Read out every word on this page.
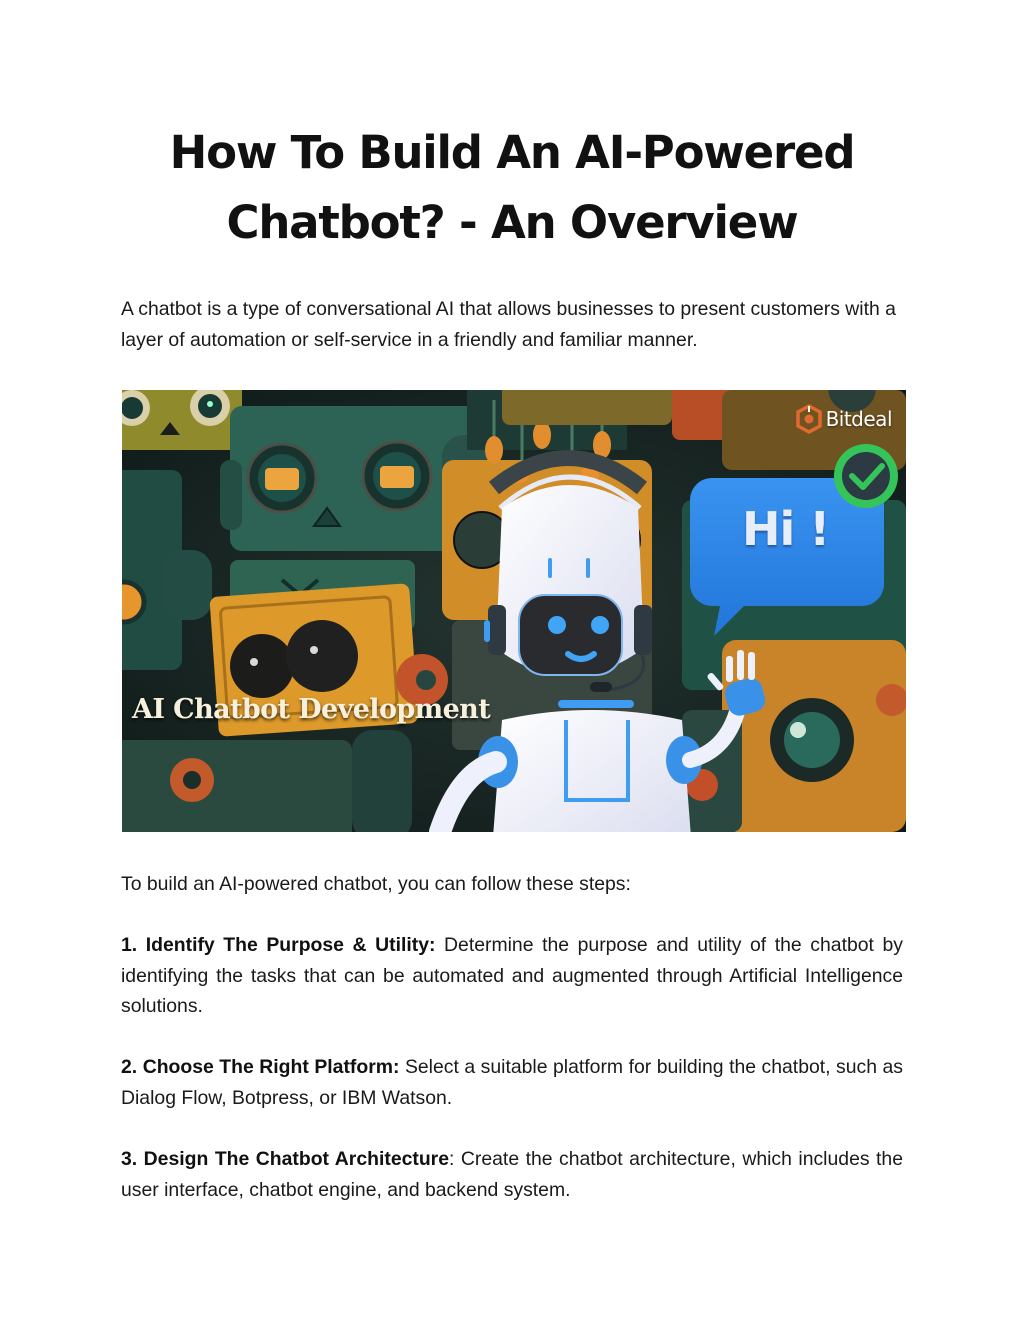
How To Build An AI-Powered
Chatbot? - An Overview

A chatbot is a type of conversational AI that allows businesses to present customers with a layer of automation or self-service in a friendly and familiar manner.

Bitdeal
Hi !
AI Chatbot Development

To build an AI-powered chatbot, you can follow these steps:

1. Identify The Purpose & Utility: Determine the purpose and utility of the chatbot by identifying the tasks that can be automated and augmented through Artificial Intelligence solutions.

2. Choose The Right Platform: Select a suitable platform for building the chatbot, such as Dialog Flow, Botpress, or IBM Watson.

3. Design The Chatbot Architecture: Create the chatbot architecture, which includes the user interface, chatbot engine, and backend system.
